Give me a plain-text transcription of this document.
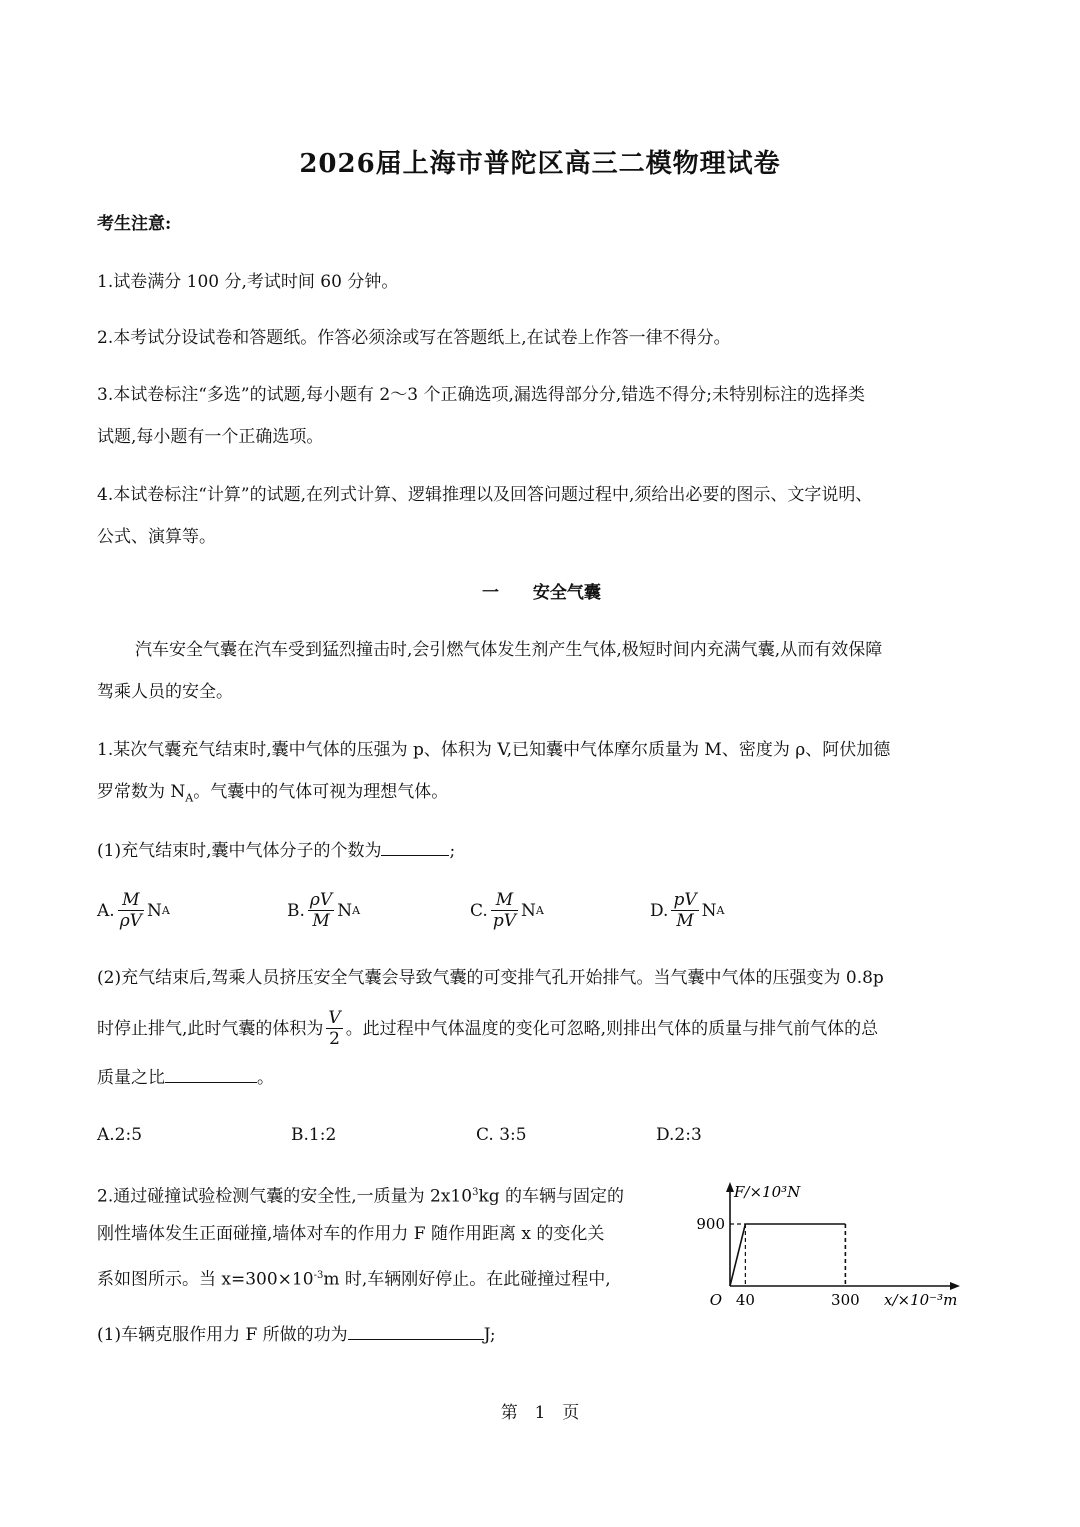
2026届上海市普陀区高三二模物理试卷
考生注意:
1.试卷满分 100 分,考试时间 60 分钟。
2.本考试分设试卷和答题纸。作答必须涂或写在答题纸上,在试卷上作答一律不得分。
3.本试卷标注“多选”的试题,每小题有 2～3 个正确选项,漏选得部分分,错选不得分;未特别标注的选择类
试题,每小题有一个正确选项。
4.本试卷标注“计算”的试题,在列式计算、逻辑推理以及回答问题过程中,须给出必要的图示、文字说明、
公式、演算等。
一 安全气囊
汽车安全气囊在汽车受到猛烈撞击时,会引燃气体发生剂产生气体,极短时间内充满气囊,从而有效保障
驾乘人员的安全。
1.某次气囊充气结束时,囊中气体的压强为 p、体积为 V,已知囊中气体摩尔质量为 M、密度为 ρ、阿伏加德
罗常数为 $N_A$。气囊中的气体可视为理想气体。
(1)充气结束时,囊中气体分子的个数为	;
A. $\frac{M}{\rho V}$ N A	B. $\frac{\rho V}{M}$ N A	C. $\frac{M}{pV}$ N A	D. $\frac{pV}{M}$ N A
(2)充气结束后,驾乘人员挤压安全气囊会导致气囊的可变排气孔开始排气。当气囊中气体的压强变为 0.8p
时停止排气,此时气囊的体积为 $\frac{V}{2}$ 。此过程中气体温度的变化可忽略,则排出气体的质量与排气前气体的总
质量之比	。
A.2:5	B.1:2	C. 3:5	D.2:3
2.通过碰撞试验检测气囊的安全性,一质量为 $2x10^3kg$ 的车辆与固定的
刚性墙体发生正面碰撞,墙体对车的作用力 F 随作用距离 x 的变化关
系如图所示。当 $x=300\times 10^{-3}m$ 时,车辆刚好停止。在此碰撞过程中,
(1)车辆克服作用力 F 所做的功为	J;
40	300
900
O
F/×10³N
x/×10⁻³m
第 1 页
